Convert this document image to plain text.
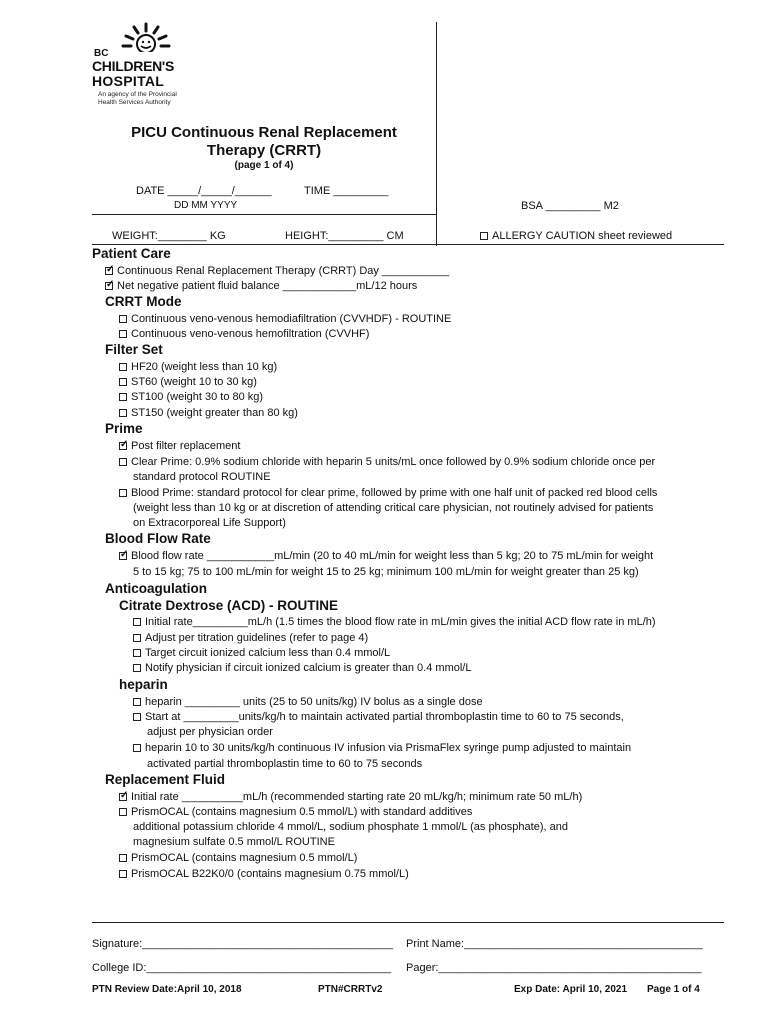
BC
CHILDREN'S
HOSPITAL
An agency of the Provincial
Health Services Authority
PICU Continuous Renal Replacement
Therapy (CRRT)
(page 1 of 4)
DATE _____/_____/______	TIME _________
DD MM YYYY	BSA _________ M2
WEIGHT:________ KG	HEIGHT:_________ CM	ALLERGY CAUTION sheet reviewed
Patient Care
✓Continuous Renal Replacement Therapy (CRRT) Day ___________
✓Net negative patient fluid balance ____________mL/12 hours
CRRT Mode
Continuous veno-venous hemodiafiltration (CVVHDF) - ROUTINE
Continuous veno-venous hemofiltration (CVVHF)
Filter Set
HF20 (weight less than 10 kg)
ST60 (weight 10 to 30 kg)
ST100 (weight 30 to 80 kg)
ST150 (weight greater than 80 kg)
Prime
✓Post filter replacement
Clear Prime: 0.9% sodium chloride with heparin 5 units/mL once followed by 0.9% sodium chloride once per
standard protocol ROUTINE
Blood Prime: standard protocol for clear prime, followed by prime with one half unit of packed red blood cells
(weight less than 10 kg or at discretion of attending critical care physician, not routinely advised for patients
on Extracorporeal Life Support)
Blood Flow Rate
✓Blood flow rate ___________mL/min (20 to 40 mL/min for weight less than 5 kg; 20 to 75 mL/min for weight
5 to 15 kg; 75 to 100 mL/min for weight 15 to 25 kg; minimum 100 mL/min for weight greater than 25 kg)
Anticoagulation
Citrate Dextrose (ACD) - ROUTINE
Initial rate_________mL/h (1.5 times the blood flow rate in mL/min gives the initial ACD flow rate in mL/h)
Adjust per titration guidelines (refer to page 4)
Target circuit ionized calcium less than 0.4 mmol/L
Notify physician if circuit ionized calcium is greater than 0.4 mmol/L
heparin
heparin _________ units (25 to 50 units/kg) IV bolus as a single dose
Start at _________units/kg/h to maintain activated partial thromboplastin time to 60 to 75 seconds,
adjust per physician order
heparin 10 to 30 units/kg/h continuous IV infusion via PrismaFlex syringe pump adjusted to maintain
activated partial thromboplastin time to 60 to 75 seconds
Replacement Fluid
✓Initial rate __________mL/h (recommended starting rate 20 mL/kg/h; minimum rate 50 mL/h)
PrismOCAL (contains magnesium 0.5 mmol/L) with standard additives
additional potassium chloride 4 mmol/L, sodium phosphate 1 mmol/L (as phosphate), and
magnesium sulfate 0.5 mmol/L ROUTINE
PrismOCAL (contains magnesium 0.5 mmol/L)
PrismOCAL B22K0/0 (contains magnesium 0.75 mmol/L)
Signature:_________________________________________ Print Name:_______________________________________
College ID:________________________________________ Pager:___________________________________________
PTN Review Date:April 10, 2018	PTN#CRRTv2	Exp Date: April 10, 2021 Page 1 of 4
